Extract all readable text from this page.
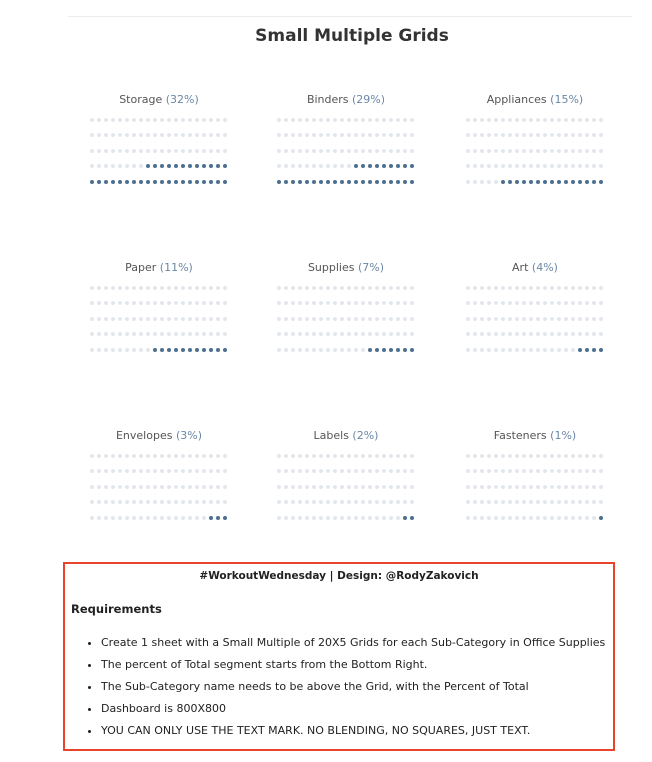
Small Multiple Grids
Storage (32%)	Binders (29%)	Appliances (15%)
Paper (11%)	Supplies (7%)	Art (4%)
Envelopes (3%)	Labels (2%)	Fasteners (1%)
#WorkoutWednesday | Design: @RodyZakovich
Requirements
• Create 1 sheet with a Small Multiple of 20X5 Grids for each Sub-Category in Office Supplies
• The percent of Total segment starts from the Bottom Right.
• The Sub-Category name needs to be above the Grid, with the Percent of Total
• Dashboard is 800X800
• YOU CAN ONLY USE THE TEXT MARK. NO BLENDING, NO SQUARES, JUST TEXT.
